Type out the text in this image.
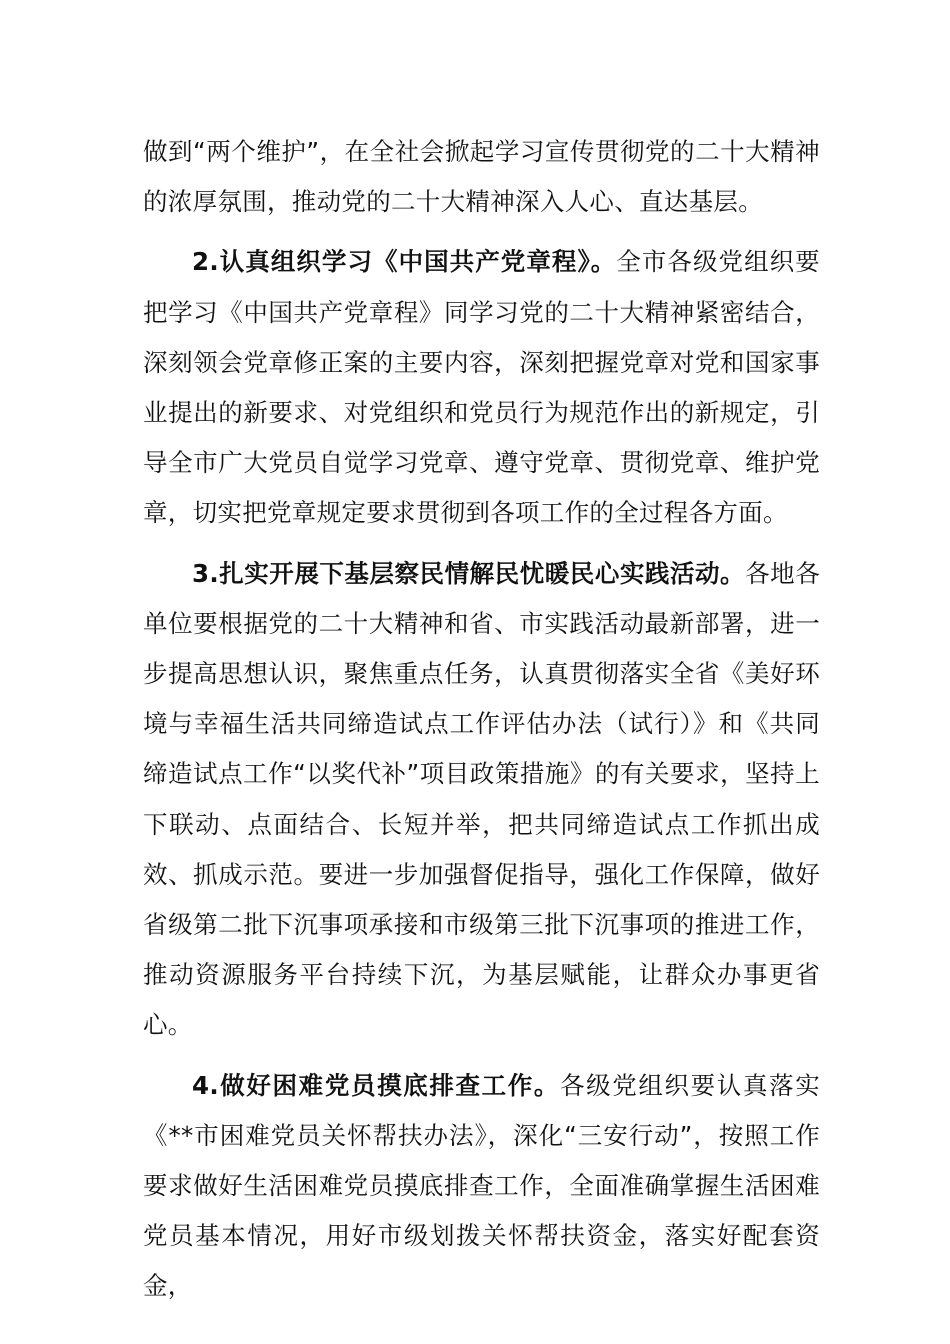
做到“两个维护”，在全社会掀起学习宣传贯彻党的二十大精神的浓厚氛围，推动党的二十大精神深入人心、直达基层。

2.认真组织学习《中国共产党章程》。全市各级党组织要把学习《中国共产党章程》同学习党的二十大精神紧密结合，深刻领会党章修正案的主要内容，深刻把握党章对党和国家事业提出的新要求、对党组织和党员行为规范作出的新规定，引导全市广大党员自觉学习党章、遵守党章、贯彻党章、维护党章，切实把党章规定要求贯彻到各项工作的全过程各方面。

3.扎实开展下基层察民情解民忧暖民心实践活动。各地各单位要根据党的二十大精神和省、市实践活动最新部署，进一步提高思想认识，聚焦重点任务，认真贯彻落实全省《美好环境与幸福生活共同缔造试点工作评估办法（试行）》和《共同缔造试点工作“以奖代补”项目政策措施》的有关要求，坚持上下联动、点面结合、长短并举，把共同缔造试点工作抓出成效、抓成示范。要进一步加强督促指导，强化工作保障，做好省级第二批下沉事项承接和市级第三批下沉事项的推进工作，推动资源服务平台持续下沉，为基层赋能，让群众办事更省心。

4.做好困难党员摸底排查工作。各级党组织要认真落实《**市困难党员关怀帮扶办法》，深化“三安行动”，按照工作要求做好生活困难党员摸底排查工作，全面准确掌握生活困难党员基本情况，用好市级划拨关怀帮扶资金，落实好配套资金，
